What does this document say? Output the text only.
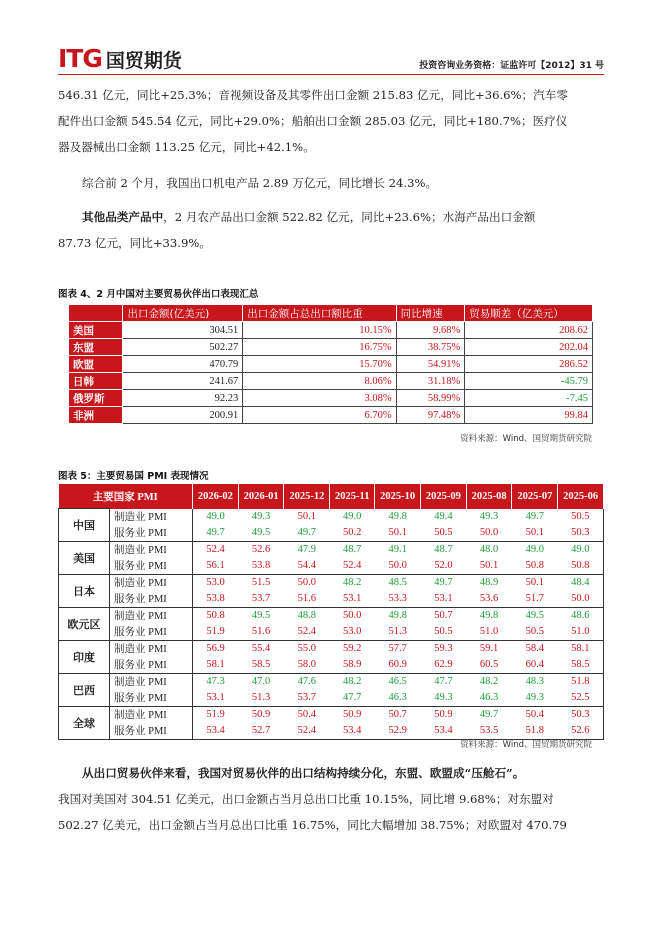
ITG 国贸期货	投资咨询业务资格：证监许可【2012】31 号

546.31 亿元，同比+25.3%；音视频设备及其零件出口金额 215.83 亿元，同比+36.6%；汽车零

配件出口金额 545.54 亿元，同比+29.0%；船舶出口金额 285.03 亿元，同比+180.7%；医疗仪

器及器械出口金额 113.25 亿元，同比+42.1%。

综合前 2 个月，我国出口机电产品 2.89 万亿元，同比增长 24.3%。

其他品类产品中，2 月农产品出口金额 522.82 亿元，同比+23.6%；水海产品出口金额

87.73 亿元，同比+33.9%。

图表 4、2 月中国对主要贸易伙伴出口表现汇总
	出口金额(亿美元)	出口金额占总出口额比重	同比增速	贸易顺差（亿美元）
美国	304.51	10.15%	9.68%	208.62
东盟	502.27	16.75%	38.75%	202.04
欧盟	470.79	15.70%	54.91%	286.52
日韩	241.67	8.06%	31.18%	-45.79
俄罗斯	92.23	3.08%	58.99%	-7.45
非洲	200.91	6.70%	97.48%	99.84
资料来源：Wind、国贸期货研究院
图表 5：主要贸易国 PMI 表现情况
主要国家 PMI		2026-02	2026-01	2025-12	2025-11	2025-10	2025-09	2025-08	2025-07	2025-06
中国	制造业 PMI	49.0	49.3	50.1	49.0	49.8	49.4	49.3	49.7	50.5
	服务业 PMI	49.7	49.5	49.7	50.2	50.1	50.5	50.0	50.1	50.3
美国	制造业 PMI	52.4	52.6	47.9	48.7	49.1	48.7	48.0	49.0	49.0
	服务业 PMI	56.1	53.8	54.4	52.4	50.0	52.0	50.1	50.8	50.8
日本	制造业 PMI	53.0	51.5	50.0	48.2	48.5	49.7	48.9	50.1	48.4
	服务业 PMI	53.8	53.7	51.6	53.1	53.3	53.1	53.6	51.7	50.0
欧元区	制造业 PMI	50.8	49.5	48.8	50.0	49.8	50.7	49.8	49.5	48.6
	服务业 PMI	51.9	51.6	52.4	53.0	51.3	50.5	51.0	50.5	51.0
印度	制造业 PMI	56.9	55.4	55.0	59.2	57.7	59.3	59.1	58.4	58.1
	服务业 PMI	58.1	58.5	58.0	58.9	60.9	62.9	60.5	60.4	58.5
巴西	制造业 PMI	47.3	47.0	47.6	48.2	46.5	47.7	48.2	48.3	51.8
	服务业 PMI	53.1	51.3	53.7	47.7	46.3	49.3	46.3	49.3	52.5
全球	制造业 PMI	51.9	50.9	50.4	50.9	50.7	50.9	49.7	50.4	50.3
	服务业 PMI	53.4	52.7	52.4	53.4	52.9	53.4	53.5	51.8	52.6
资料来源：Wind、国贸期货研究院

从出口贸易伙伴来看，我国对贸易伙伴的出口结构持续分化，东盟、欧盟成“压舱石”。

我国对美国对 304.51 亿美元，出口金额占当月总出口比重 10.15%，同比增 9.68%；对东盟对

502.27 亿美元，出口金额占当月总出口比重 16.75%，同比大幅增加 38.75%；对欧盟对 470.79
